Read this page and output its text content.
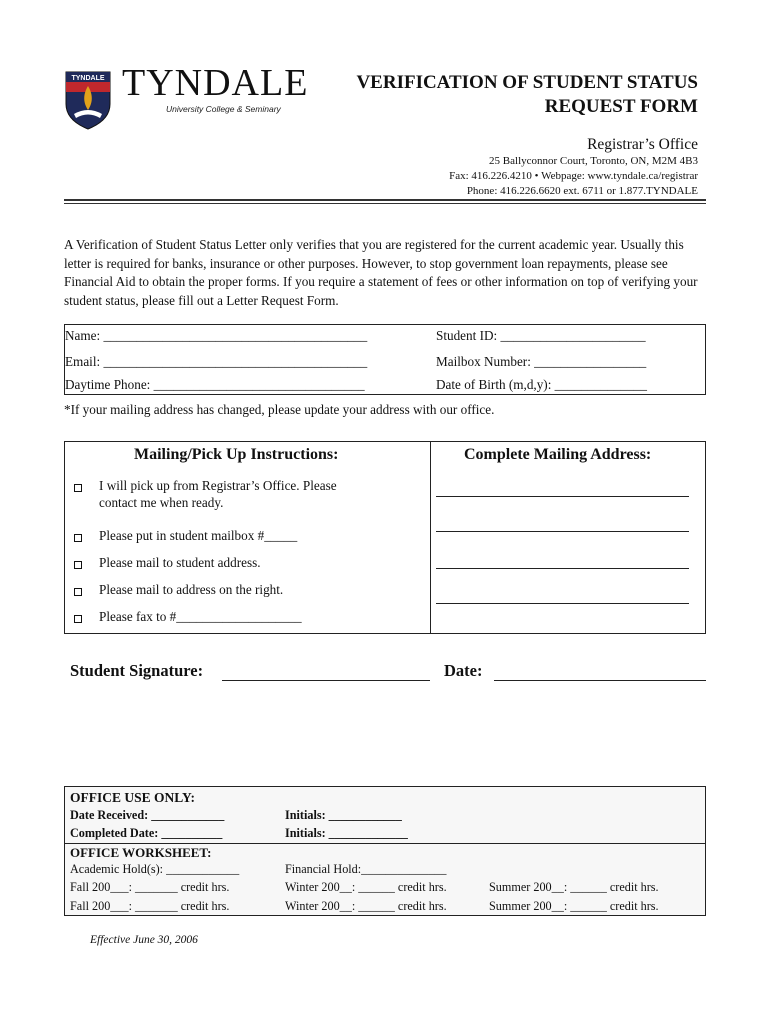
TYNDALE TYNDALE
University College & Seminary
VERIFICATION OF STUDENT STATUS
REQUEST FORM
Registrar’s Office
25 Ballyconnor Court, Toronto, ON, M2M 4B3
Fax: 416.226.4210 • Webpage: www.tyndale.ca/registrar
Phone: 416.226.6620 ext. 6711 or 1.877.TYNDALE
A Verification of Student Status Letter only verifies that you are registered for the current academic year. Usually this letter is required for banks, insurance or other purposes. However, to stop government loan repayments, please see Financial Aid to obtain the proper forms. If you require a statement of fees or other information on top of verifying your student status, please fill out a Letter Request Form.
Name: ________________________________________	Student ID: ______________________
Email: ________________________________________	Mailbox Number: _________________
Daytime Phone: ________________________________	Date of Birth (m,d,y): ______________
*If your mailing address has changed, please update your address with our office.
Mailing/Pick Up Instructions:	Complete Mailing Address:
I will pick up from Registrar’s Office. Please
contact me when ready.
Please put in student mailbox #_____
Please mail to student address.
Please mail to address on the right.
Please fax to #___________________
Student Signature:	Date:
OFFICE USE ONLY:
Date Received: ____________	Initials: ____________
Completed Date: __________	Initials: _____________
OFFICE WORKSHEET:
Academic Hold(s): ____________	Financial Hold:______________
Fall 200___: _______ credit hrs.	Winter 200__: ______ credit hrs.	Summer 200__: ______ credit hrs.
Fall 200___: _______ credit hrs.	Winter 200__: ______ credit hrs.	Summer 200__: ______ credit hrs.
Effective June 30, 2006
